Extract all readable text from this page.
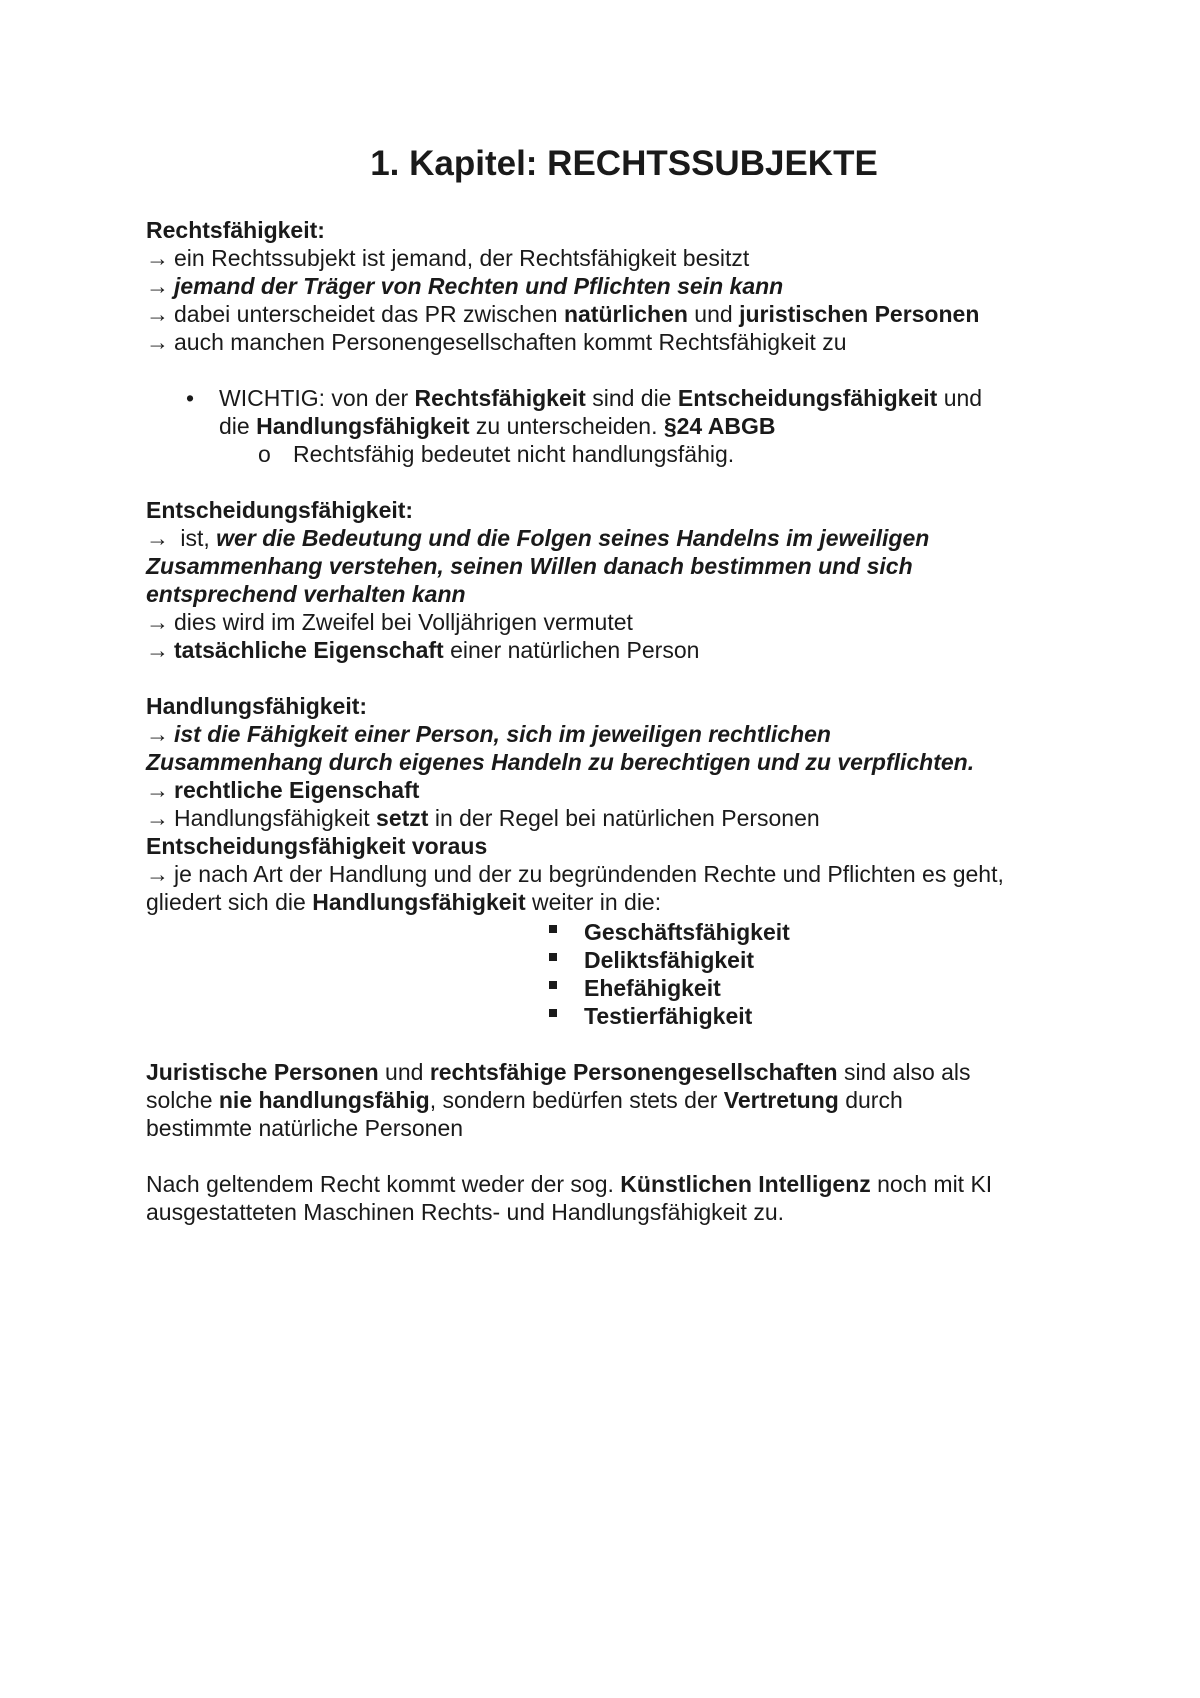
1. Kapitel: RECHTSSUBJEKTE
Rechtsfähigkeit:
→ ein Rechtssubjekt ist jemand, der Rechtsfähigkeit besitzt
→ jemand der Träger von Rechten und Pflichten sein kann
→ dabei unterscheidet das PR zwischen natürlichen und juristischen Personen
→ auch manchen Personengesellschaften kommt Rechtsfähigkeit zu
• WICHTIG: von der Rechtsfähigkeit sind die Entscheidungsfähigkeit und
die Handlungsfähigkeit zu unterscheiden. §24 ABGB
o Rechtsfähig bedeutet nicht handlungsfähig.
Entscheidungsfähigkeit:
→ ist, wer die Bedeutung und die Folgen seines Handelns im jeweiligen
Zusammenhang verstehen, seinen Willen danach bestimmen und sich
entsprechend verhalten kann
→ dies wird im Zweifel bei Volljährigen vermutet
→ tatsächliche Eigenschaft einer natürlichen Person
Handlungsfähigkeit:
→ ist die Fähigkeit einer Person, sich im jeweiligen rechtlichen
Zusammenhang durch eigenes Handeln zu berechtigen und zu verpflichten.
→ rechtliche Eigenschaft
→ Handlungsfähigkeit setzt in der Regel bei natürlichen Personen
Entscheidungsfähigkeit voraus
→ je nach Art der Handlung und der zu begründenden Rechte und Pflichten es geht,
gliedert sich die Handlungsfähigkeit weiter in die:
Geschäftsfähigkeit
Deliktsfähigkeit
Ehefähigkeit
Testierfähigkeit
Juristische Personen und rechtsfähige Personengesellschaften sind also als
solche nie handlungsfähig, sondern bedürfen stets der Vertretung durch
bestimmte natürliche Personen
Nach geltendem Recht kommt weder der sog. Künstlichen Intelligenz noch mit KI
ausgestatteten Maschinen Rechts- und Handlungsfähigkeit zu.
